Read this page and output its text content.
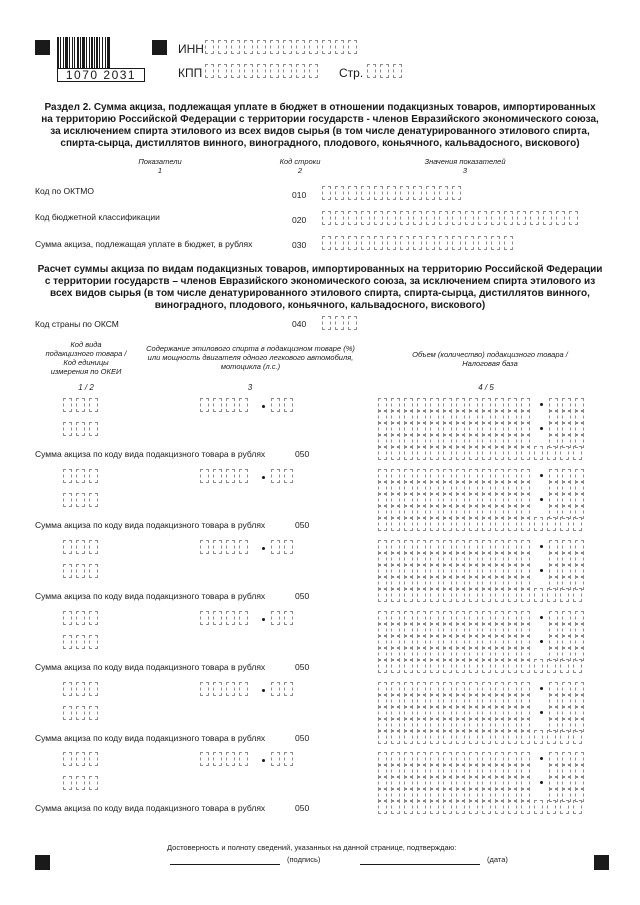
1070 2031
ИНН
КПП	Стр.
Раздел 2. Сумма акциза, подлежащая уплате в бюджет в отношении подакцизных товаров, импортированных
на территорию Российской Федерации с территории государств - членов Евразийского экономического союза,
за исключением спирта этилового из всех видов сырья (в том числе денатурированного этилового спирта,
спирта-сырца, дистиллятов винного, виноградного, плодового, коньячного, кальвадосного, вискового)
Показатели
1
Код строки
2
Значения показателей
3
Код по ОКТМО	010
Код бюджетной классификации	020
Сумма акциза, подлежащая уплате в бюджет, в рублях	030
Расчет суммы акциза по видам подакцизных товаров, импортированных на территорию Российской Федерации
с территории государств – членов Евразийского экономического союза, за исключением спирта этилового из
всех видов сырья (в том числе денатурированного этилового спирта, спирта-сырца, дистиллятов винного,
виноградного, плодового, коньячного, кальвадосного, вискового)
Код страны по ОКСМ	040
Код вида
подакцизного товара /
Код единицы
измерения по ОКЕИ
Содержание этилового спирта в подакцизном товаре (%)
или мощность двигателя одного легкового автомобиля,
мотоцикла (л.с.)
Объем (количество) подакцизного товара /
Налоговая база
1 / 2	3	4 / 5
Сумма акциза по коду вида подакцизного товара в рублях	050
Сумма акциза по коду вида подакцизного товара в рублях	050
Сумма акциза по коду вида подакцизного товара в рублях	050
Сумма акциза по коду вида подакцизного товара в рублях	050
Сумма акциза по коду вида подакцизного товара в рублях	050
Сумма акциза по коду вида подакцизного товара в рублях	050
Достоверность и полноту сведений, указанных на данной странице, подтверждаю:
(подпись)	(дата)
